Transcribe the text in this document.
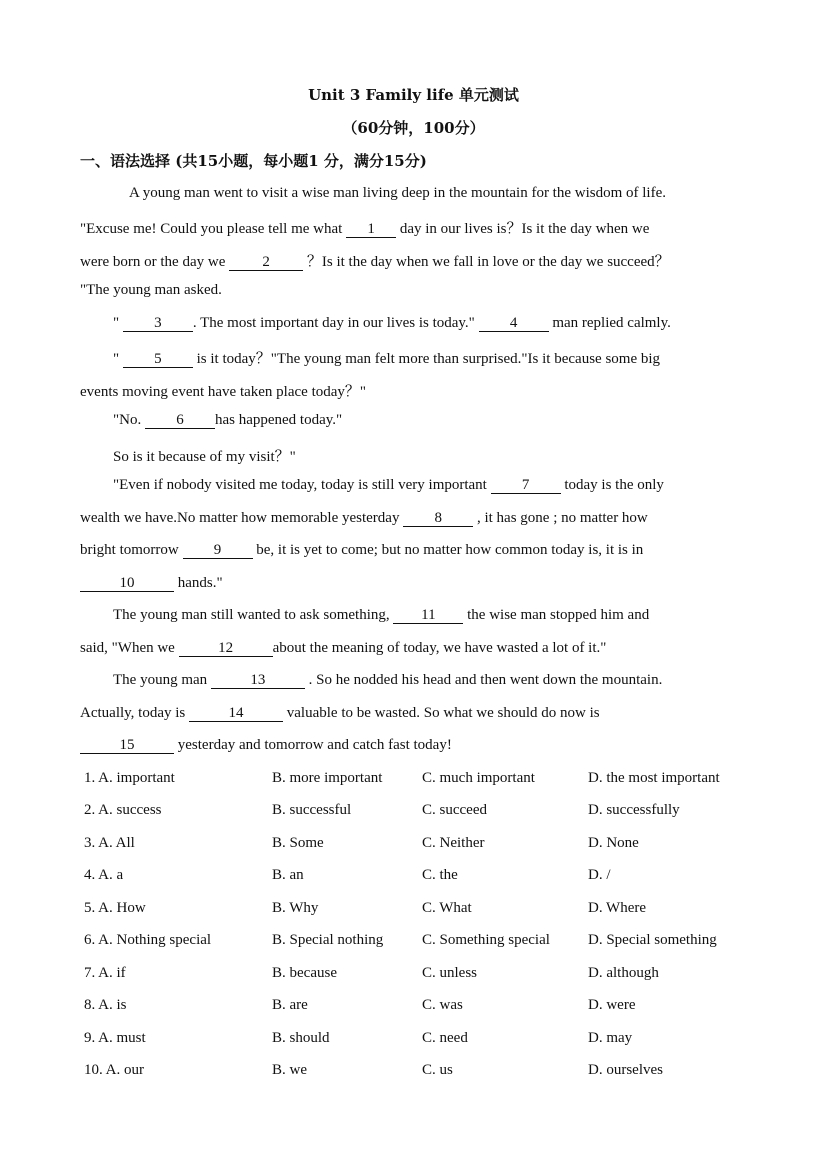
Unit 3 Family life 单元测试
（60分钟，100分）
一、语法选择 (共15小题，每小题1 分，满分15分)
A young man went to visit a wise man living deep in the mountain for the wisdom of life.
"Excuse me! Could you please tell me what 1 day in our lives is？Is it the day when we
were born or the day we 2 ？Is it the day when we fall in love or the day we succeed？
"The young man asked.
" 3 . The most important day in our lives is today." 4 man replied calmly.
" 5 is it today？"The young man felt more than surprised."Is it because some big
events moving event have taken place today？"
"No. 6 has happened today."
So is it because of my visit？"
"Even if nobody visited me today, today is still very important 7 today is the only
wealth we have.No matter how memorable yesterday 8 , it has gone ; no matter how
bright tomorrow 9 be, it is yet to come; but no matter how common today is, it is in
10	hands."
The young man still wanted to ask something, 11 the wise man stopped him and
said, "When we	12	about the meaning of today, we have wasted a lot of it."
The young man	13	. So he nodded his head and then went down the mountain.
Actually, today is	14	valuable to be wasted. So what we should do now is
15	yesterday and tomorrow and catch fast today!
1. A. important	B. more important	C. much important	D. the most important
2. A. success	B. successful	C. succeed	D. successfully
3. A. All	B. Some	C. Neither	D. None
4. A. a	B. an	C. the	D. /
5. A. How	B. Why	C. What	D. Where
6. A. Nothing special	B. Special nothing	C. Something special	D. Special something
7. A. if	B. because	C. unless	D. although
8. A. is	B. are	C. was	D. were
9. A. must	B. should	C. need	D. may
10. A. our	B. we	C. us	D. ourselves
